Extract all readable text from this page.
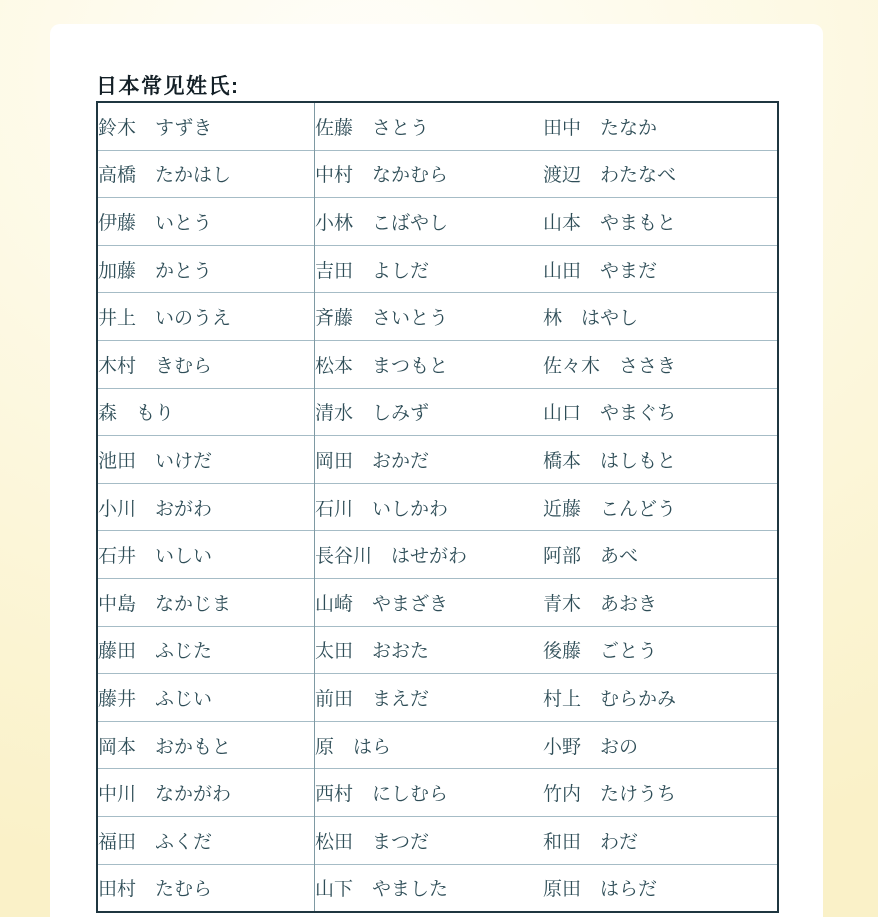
日本常见姓氏:
鈴木　すずき	佐藤　さとう	田中　たなか
高橋　たかはし	中村　なかむら	渡辺　わたなべ
伊藤　いとう	小林　こばやし	山本　やまもと
加藤　かとう	吉田　よしだ	山田　やまだ
井上　いのうえ	斉藤　さいとう	林　はやし
木村　きむら	松本　まつもと	佐々木　ささき
森　もり	清水　しみず	山口　やまぐち
池田　いけだ	岡田　おかだ	橋本　はしもと
小川　おがわ	石川　いしかわ	近藤　こんどう
石井　いしい	長谷川　はせがわ	阿部　あべ
中島　なかじま	山崎　やまざき	青木　あおき
藤田　ふじた	太田　おおた	後藤　ごとう
藤井　ふじい	前田　まえだ	村上　むらかみ
岡本　おかもと	原　はら	小野　おの
中川　なかがわ	西村　にしむら	竹内　たけうち
福田　ふくだ	松田　まつだ	和田　わだ
田村　たむら	山下　やました	原田　はらだ
